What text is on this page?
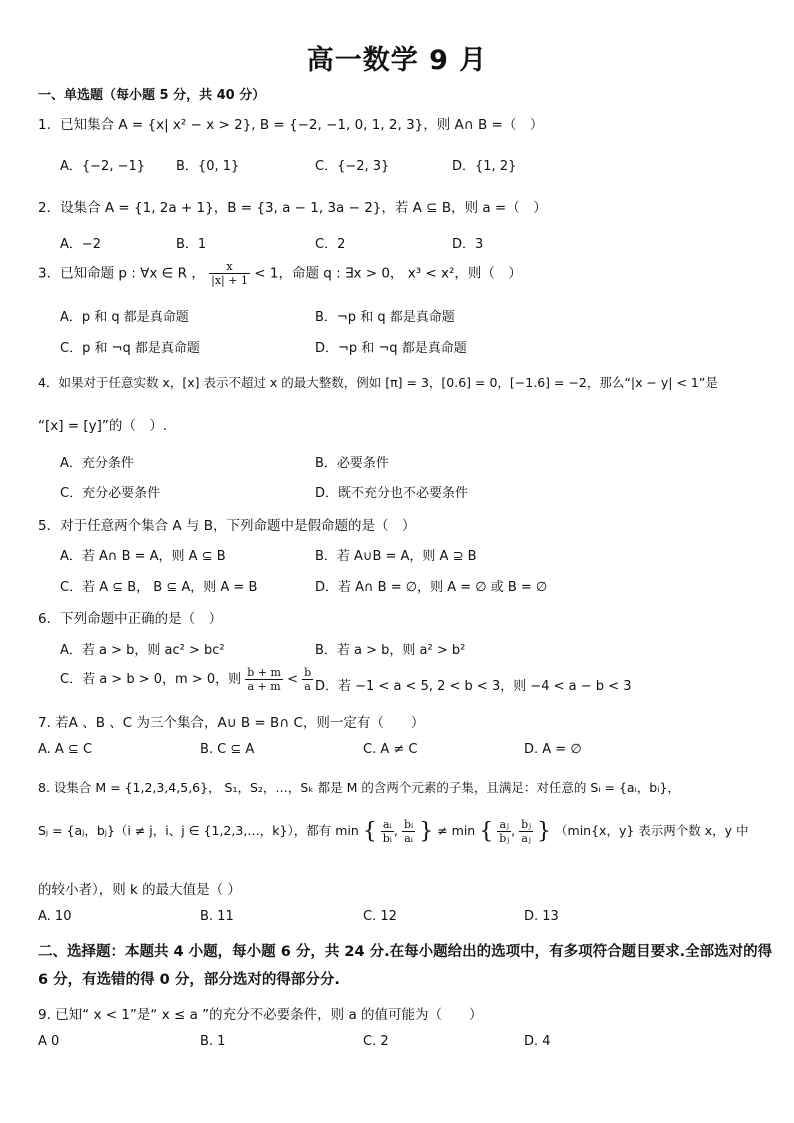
高一数学 9 月
一、单选题（每小题 5 分，共 40 分）
1．已知集合 A = {x| x² − x > 2}, B = {−2, −1, 0, 1, 2, 3}，则 A∩ B =（　）
A．{−2, −1} B．{0, 1}	C．{−2, 3}	D．{1, 2}
2．设集合 A = {1, 2a + 1}，B = {3, a − 1, 3a − 2}，若 A ⊆ B，则 a =（　）
A．−2	B．1	C．2	D．3
3．已知命题 p : ∀x ∈ R ， $\frac{x}{|x| + 1} < 1$，命题 q : ∃x > 0， x³ < x²，则（　）
A．p 和 q 都是真命题	B．¬p 和 q 都是真命题
C．p 和 ¬q 都是真命题	D．¬p 和 ¬q 都是真命题
4．如果对于任意实数 x，[x] 表示不超过 x 的最大整数，例如 [π] = 3，[0.6] = 0，[−1.6] = −2，那么“|x − y| < 1”是
“[x] = [y]”的（　）.
A．充分条件	B．必要条件
C．充分必要条件	D．既不充分也不必要条件
5．对于任意两个集合 A 与 B，下列命题中是假命题的是（　）
A．若 A∩ B = A，则 A ⊆ B	B．若 A∪B = A，则 A ⊇ B
C．若 A ⊆ B， B ⊆ A，则 A = B	D．若 A∩ B = ∅，则 A = ∅ 或 B = ∅
6．下列命题中正确的是（　）
A．若 a > b，则 ac² > bc²	B．若 a > b，则 a² > b²
C．若 a > b > 0，m > 0，则 $\frac{b + m}{a + m} < \frac{b}{a}$ D．若 −1 < a < 5, 2 < b < 3，则 −4 < a − b < 3
7. 若A 、B 、C 为三个集合，A∪ B = B∩ C，则一定有（　　）
A. A ⊆ C	B. C ⊆ A	C. A ≠ C	D. A = ∅
8. 设集合 M = {1,2,3,4,5,6}， S₁，S₂，…，Sₖ 都是 M 的含两个元素的子集，且满足：对任意的 Sᵢ = {aᵢ，bᵢ}，
Sⱼ = {aⱼ，bⱼ}（i ≠ j，i、j ∈ {1,2,3,…，k}），都有 min { $\frac{\text{aᵢ}}{\text{bᵢ}}$ , $\frac{\text{bᵢ}}{\text{aᵢ}}$ } ≠ min { $\frac{\text{aⱼ}}{\text{bⱼ}}$ , $\frac{\text{bⱼ}}{\text{aⱼ}}$ } （min{x，y} 表示两个数 x，y 中
的较小者），则 k 的最大值是（ ）
A. 10	B. 11	C. 12	D. 13
二、选择题：本题共 4 小题，每小题 6 分，共 24 分.在每小题给出的选项中，有多项符合题目要求.全部选对的得 6 分，有选错的得 0 分，部分选对的得部分分.
9. 已知“ x < 1”是“ x ≤ a ”的充分不必要条件，则 a 的值可能为（　　）
A 0	B. 1	C. 2	D. 4
